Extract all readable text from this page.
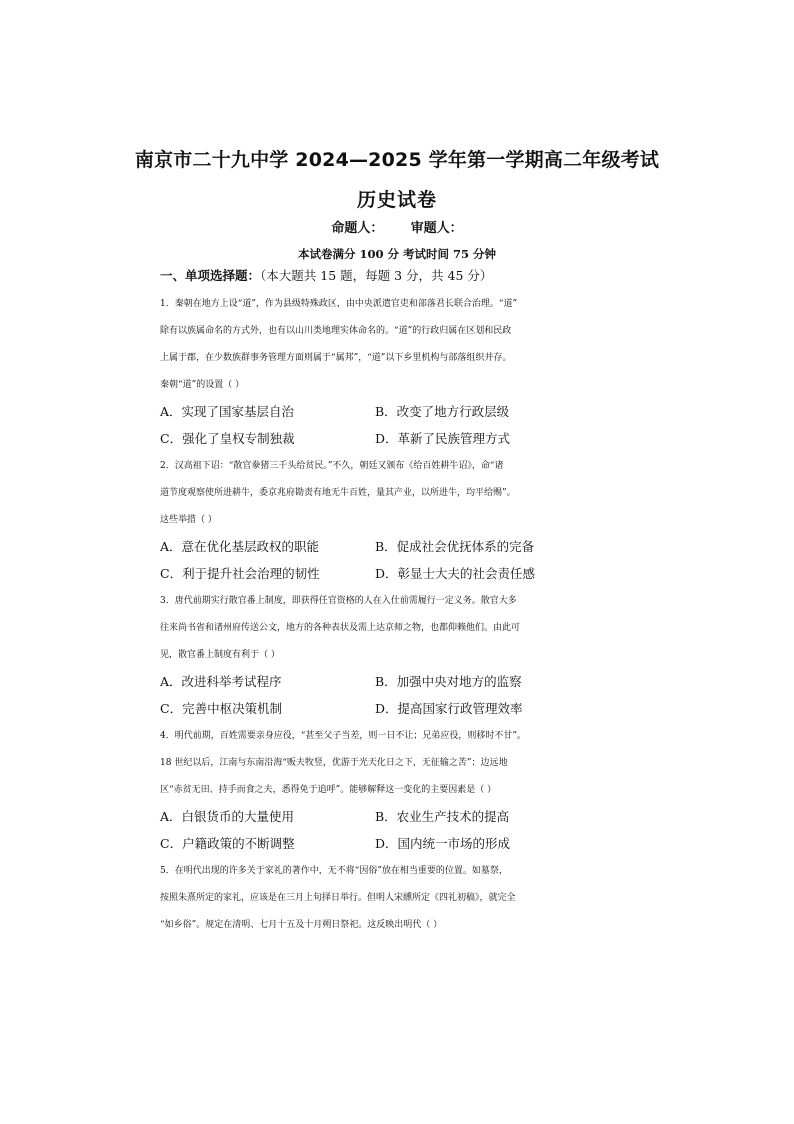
南京市二十九中学 2024—2025 学年第一学期高二年级考试
历史试卷
命题人：      审题人：
本试卷满分 100 分 考试时间 75 分钟
一、单项选择题：（本大题共 15 题，每题 3 分，共 45 分）
1．秦朝在地方上设“道”，作为县级特殊政区，由中央派遣官吏和部落君长联合治理。“道”
除有以族属命名的方式外，也有以山川类地理实体命名的。“道”的行政归属在区划和民政
上属于郡，在少数族群事务管理方面则属于“属邦”，“道”以下乡里机构与部落组织并存。
秦朝“道”的设置（ ）
A．实现了国家基层自治	B．改变了地方行政层级
C．强化了皇权专制独裁	D．革新了民族管理方式
2．汉高祖下诏：“散官豢猪三千头给贫民。”不久，朝廷又颁布《给百姓耕牛诏》，命“诸
道节度观察使所进耕牛，委京兆府勘责有地无牛百姓，量其产业，以所进牛，均平给赐”。
这些举措（ ）
A．意在优化基层政权的职能	B．促成社会优抚体系的完备
C．利于提升社会治理的韧性	D．彰显士大夫的社会责任感
3．唐代前期实行散官番上制度，即获得任官资格的人在入仕前需履行一定义务。散官大多
往来尚书省和诸州府传送公文，地方的各种表状及需上达京师之物，也都仰赖他们。由此可
见，散官番上制度有利于（ ）
A．改进科举考试程序	B．加强中央对地方的监察
C．完善中枢决策机制	D．提高国家行政管理效率
4．明代前期，百姓需要亲身应役，“甚至父子当差，则一日不让；兄弟应役，则移时不甘”。
18 世纪以后，江南与东南沿海“贩夫牧竖，优游于光天化日之下，无征输之苦”；边远地
区“赤贫无田、持手而食之夫，悉得免于追呼”。能够解释这一变化的主要因素是（ ）
A．白银货币的大量使用	B．农业生产技术的提高
C．户籍政策的不断调整	D．国内统一市场的形成
5．在明代出现的许多关于家礼的著作中，无不将“因俗”放在相当重要的位置。如墓祭，
按照朱熹所定的家礼，应该是在三月上旬择日举行。但明人宋纁所定《四礼初稿》，就完全
“如乡俗”。规定在清明、七月十五及十月朔日祭祀。这反映出明代（ ）
